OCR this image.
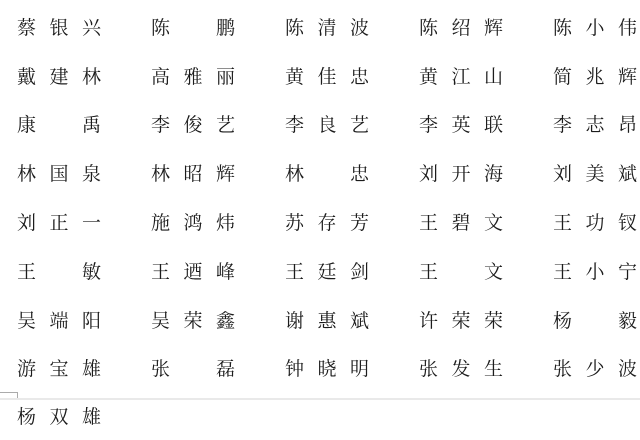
蔡 银 兴	陈 鹏	陈 清 波	陈 绍 辉	陈 小 伟
戴 建 林	高 雅 丽	黄 佳 忠	黄 江 山	简 兆 辉
康 禹	李 俊 艺	李 良 艺	李 英 联	李 志 昂
林 国 泉	林 昭 辉	林 忠	刘 开 海	刘 美 斌
刘 正 一	施 鸿 炜	苏 存 芳	王 碧 文	王 功 钗
王 敏	王 迺 峰	王 廷 剑	王 文	王 小 宁
吴 端 阳	吴 荣 鑫	谢 惠 斌	许 荣 荣	杨 毅
游 宝 雄	张 磊	钟 晓 明	张 发 生	张 少 波
杨 双 雄
